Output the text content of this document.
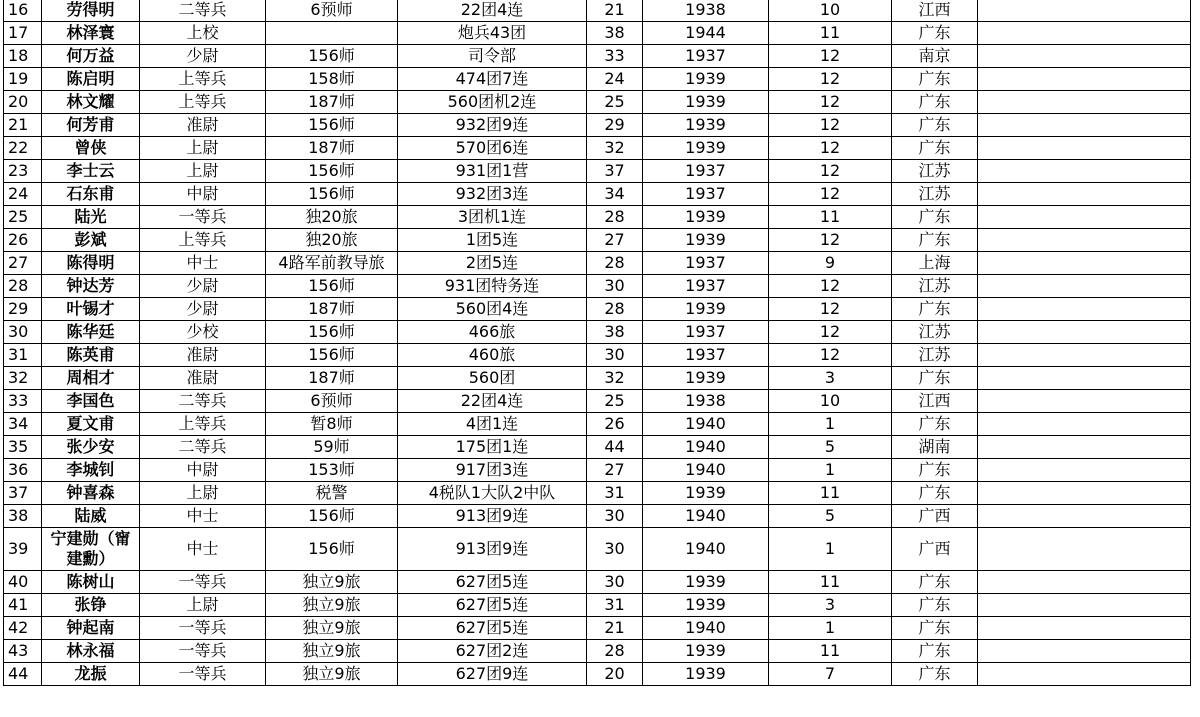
16	劳得明	二等兵	6预师	22团4连	21	1938	10	江西	
17	林泽寰	上校		炮兵43团	38	1944	11	广东	
18	何万益	少尉	156师	司令部	33	1937	12	南京	
19	陈启明	上等兵	158师	474团7连	24	1939	12	广东	
20	林文耀	上等兵	187师	560团机2连	25	1939	12	广东	
21	何芳甫	准尉	156师	932团9连	29	1939	12	广东	
22	曾侠	上尉	187师	570团6连	32	1939	12	广东	
23	李士云	上尉	156师	931团1营	37	1937	12	江苏	
24	石东甫	中尉	156师	932团3连	34	1937	12	江苏	
25	陆光	一等兵	独20旅	3团机1连	28	1939	11	广东	
26	彭斌	上等兵	独20旅	1团5连	27	1939	12	广东	
27	陈得明	中士	4路军前教导旅	2团5连	28	1937	9	上海	
28	钟达芳	少尉	156师	931团特务连	30	1937	12	江苏	
29	叶锡才	少尉	187师	560团4连	28	1939	12	广东	
30	陈华廷	少校	156师	466旅	38	1937	12	江苏	
31	陈英甫	准尉	156师	460旅	30	1937	12	江苏	
32	周相才	准尉	187师	560团	32	1939	3	广东	
33	李国色	二等兵	6预师	22团4连	25	1938	10	江西	
34	夏文甫	上等兵	暂8师	4团1连	26	1940	1	广东	
35	张少安	二等兵	59师	175团1连	44	1940	5	湖南	
36	李城钊	中尉	153师	917团3连	27	1940	1	广东	
37	钟喜森	上尉	税警	4税队1大队2中队	31	1939	11	广东	
38	陆威	中士	156师	913团9连	30	1940	5	广西	
39	宁建勋（甯建勳）	中士	156师	913团9连	30	1940	1	广西	
40	陈树山	一等兵	独立9旅	627团5连	30	1939	11	广东	
41	张铮	上尉	独立9旅	627团5连	31	1939	3	广东	
42	钟起南	一等兵	独立9旅	627团5连	21	1940	1	广东	
43	林永福	一等兵	独立9旅	627团2连	28	1939	11	广东	
44	龙振	一等兵	独立9旅	627团9连	20	1939	7	广东	
